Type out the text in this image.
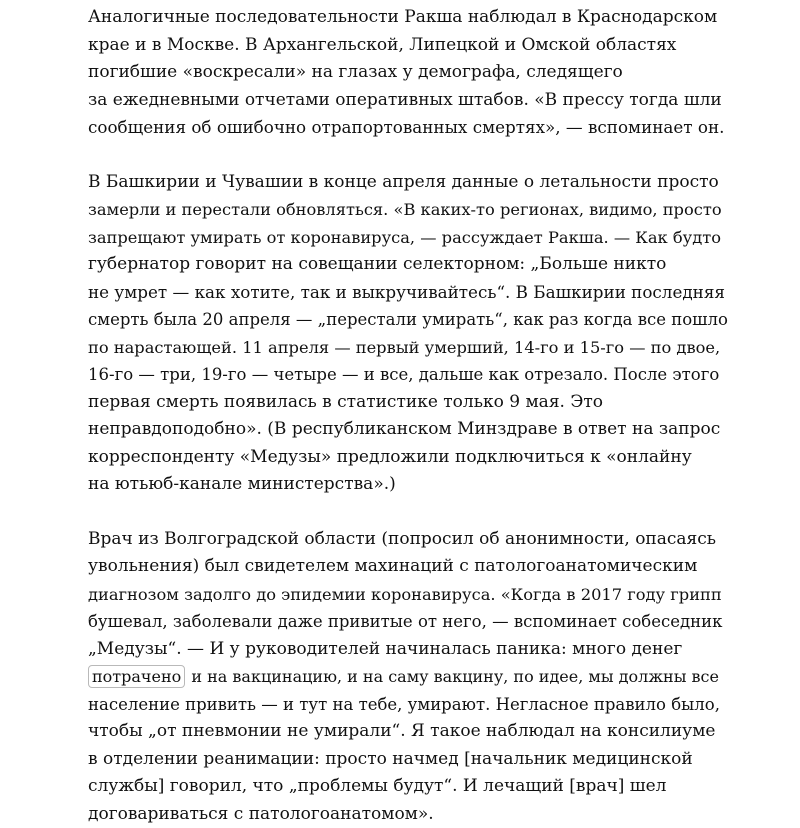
Аналогичные последовательности Ракша наблюдал в Краснодарском
крае и в Москве. В Архангельской, Липецкой и Омской областях
погибшие «воскресали» на глазах у демографа, следящего
за ежедневными отчетами оперативных штабов. «В прессу тогда шли
сообщения об ошибочно отрапортованных смертях», — вспоминает он.

В Башкирии и Чувашии в конце апреля данные о летальности просто
замерли и перестали обновляться. «В каких-то регионах, видимо, просто
запрещают умирать от коронавируса, — рассуждает Ракша. — Как будто
губернатор говорит на совещании селекторном: „Больше никто
не умрет — как хотите, так и выкручивайтесь“. В Башкирии последняя
смерть была 20 апреля — „перестали умирать“, как раз когда все пошло
по нарастающей. 11 апреля — первый умерший, 14-го и 15-го — по двое,
16-го — три, 19-го — четыре — и все, дальше как отрезало. После этого
первая смерть появилась в статистике только 9 мая. Это
неправдоподобно». (В республиканском Минздраве в ответ на запрос
корреспонденту «Медузы» предложили подключиться к «онлайну
на ютьюб-канале министерства».)

Врач из Волгоградской области (попросил об анонимности, опасаясь
увольнения) был свидетелем махинаций с патологоанатомическим
диагнозом задолго до эпидемии коронавируса. «Когда в 2017 году грипп
бушевал, заболевали даже привитые от него, — вспоминает собеседник
„Медузы“. — И у руководителей начиналась паника: много денег
потрачено и на вакцинацию, и на саму вакцину, по идее, мы должны все
население привить — и тут на тебе, умирают. Негласное правило было,
чтобы „от пневмонии не умирали“. Я такое наблюдал на консилиуме
в отделении реанимации: просто начмед [начальник медицинской
службы] говорил, что „проблемы будут“. И лечащий [врач] шел
договариваться с патологоанатомом».
